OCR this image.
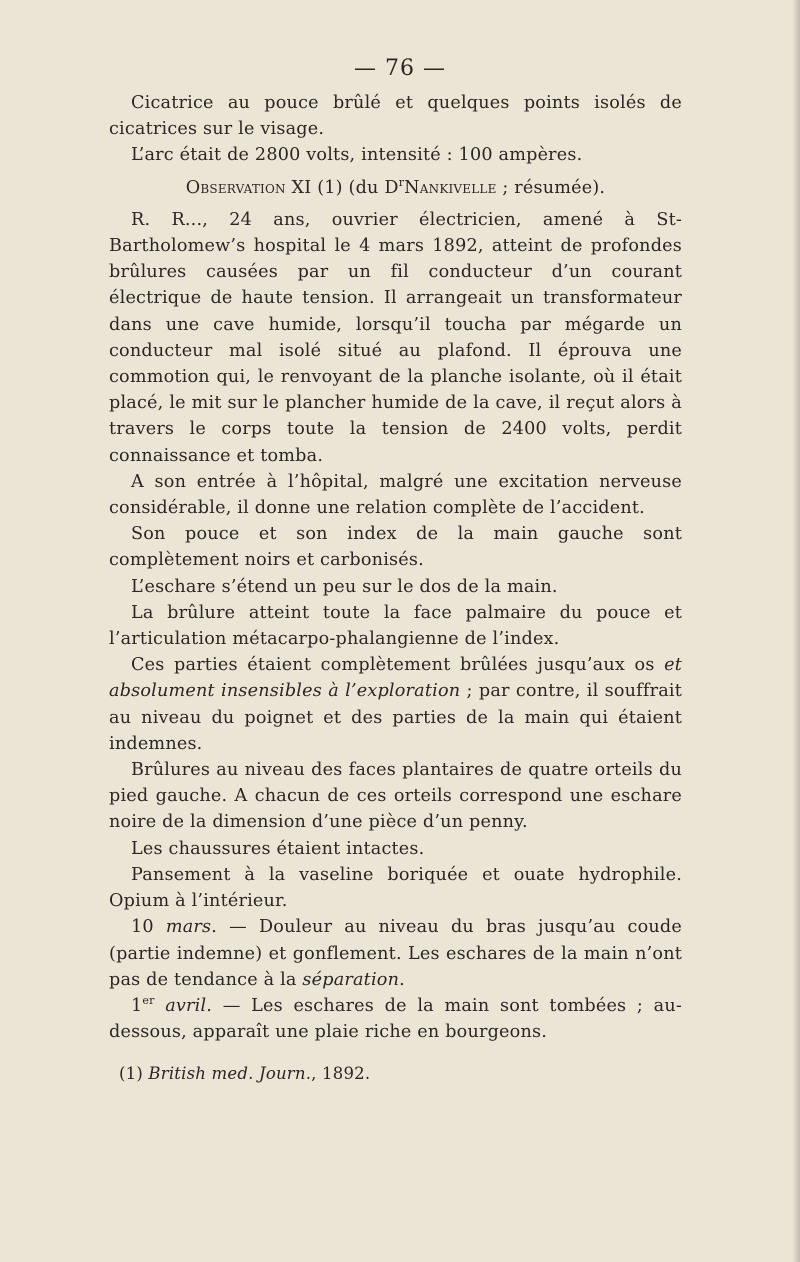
— 76 —

Cicatrice au pouce brûlé et quelques points isolés de cicatrices sur le visage.

L’arc était de 2800 volts, intensité : 100 ampères.

Observation XI (1) (du $D^rNankivelle$ ; résumée).

R. R..., 24 ans, ouvrier électricien, amené à St-Bartholomew’s hospital le 4 mars 1892, atteint de profondes brûlures causées par un fil conducteur d’un courant électrique de haute tension. Il arrangeait un transformateur dans une cave humide, lorsqu’il toucha par mégarde un conducteur mal isolé situé au plafond. Il éprouva une commotion qui, le renvoyant de la planche isolante, où il était placé, le mit sur le plancher humide de la cave, il reçut alors à travers le corps toute la tension de 2400 volts, perdit connaissance et tomba.

A son entrée à l’hôpital, malgré une excitation nerveuse considérable, il donne une relation complète de l’accident.

Son pouce et son index de la main gauche sont complètement noirs et carbonisés.

L’eschare s’étend un peu sur le dos de la main.

La brûlure atteint toute la face palmaire du pouce et l’articulation métacarpo-phalangienne de l’index.

Ces parties étaient complètement brûlées jusqu’aux os et absolument insensibles à l’exploration ; par contre, il souffrait au niveau du poignet et des parties de la main qui étaient indemnes.

Brûlures au niveau des faces plantaires de quatre orteils du pied gauche. A chacun de ces orteils correspond une eschare noire de la dimension d’une pièce d’un penny.

Les chaussures étaient intactes.

Pansement à la vaseline boriquée et ouate hydrophile. Opium à l’intérieur.

10 mars. — Douleur au niveau du bras jusqu’au coude (partie indemne) et gonflement. Les eschares de la main n’ont pas de tendance à la séparation.

1er avril. — Les eschares de la main sont tombées ; au-dessous, apparaît une plaie riche en bourgeons.

(1) British med. Journ., 1892.
